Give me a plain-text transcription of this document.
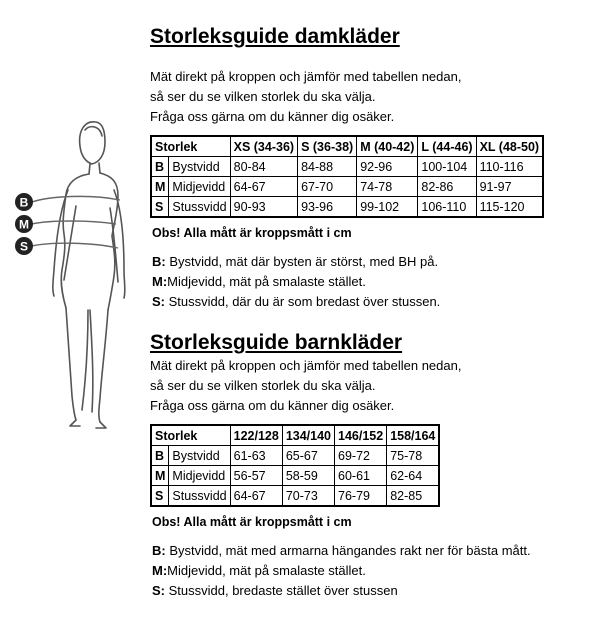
B
M
S
Storleksguide damkläder

Mät direkt på kroppen och jämför med tabellen nedan,
så ser du se vilken storlek du ska välja.
Fråga oss gärna om du känner dig osäker.

Storlek		XS (34-36)	S (36-38)	M (40-42)	L (44-46)	XL (48-50)
B	Bystvidd	80-84	84-88	92-96	100-104	110-116
M	Midjevidd	64-67	67-70	74-78	82-86	91-97
S	Stussvidd	90-93	93-96	99-102	106-110	115-120

Obs! Alla mått är kroppsmått i cm

B: Bystvidd, mät där bysten är störst, med BH på.
M:Midjevidd, mät på smalaste stället.
S: Stussvidd, där du är som bredast över stussen.
Storleksguide barnkläder

Mät direkt på kroppen och jämför med tabellen nedan,
så ser du se vilken storlek du ska välja.
Fråga oss gärna om du känner dig osäker.

Storlek		122/128	134/140	146/152	158/164
B	Bystvidd	61-63	65-67	69-72	75-78
M	Midjevidd	56-57	58-59	60-61	62-64
S	Stussvidd	64-67	70-73	76-79	82-85

Obs! Alla mått är kroppsmått i cm

B: Bystvidd, mät med armarna hängandes rakt ner för bästa mått.
M:Midjevidd, mät på smalaste stället.
S: Stussvidd, bredaste stället över stussen
